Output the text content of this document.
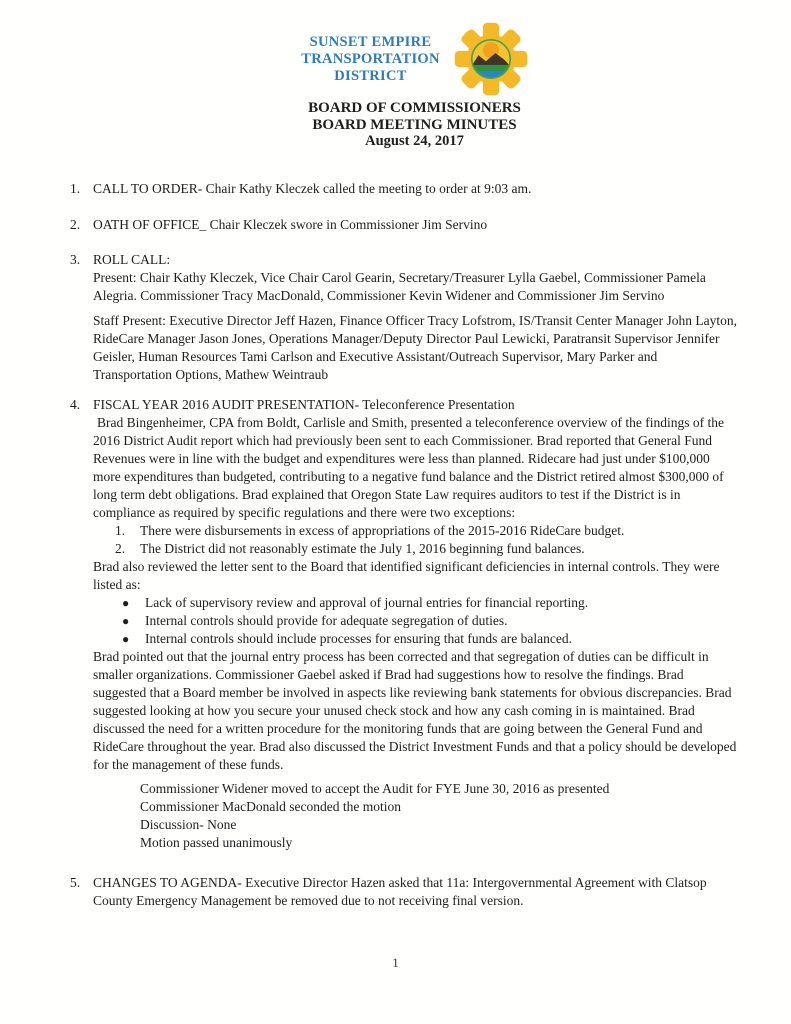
SUNSET EMPIRE
TRANSPORTATION
DISTRICT
BOARD OF COMMISSIONERS
BOARD MEETING MINUTES
August 24, 2017
1. CALL TO ORDER- Chair Kathy Kleczek called the meeting to order at 9:03 am.

2. OATH OF OFFICE_ Chair Kleczek swore in Commissioner Jim Servino

3. ROLL CALL:

Present: Chair Kathy Kleczek, Vice Chair Carol Gearin, Secretary/Treasurer Lylla Gaebel, Commissioner Pamela Alegria. Commissioner Tracy MacDonald, Commissioner Kevin Widener and Commissioner Jim Servino

Staff Present: Executive Director Jeff Hazen, Finance Officer Tracy Lofstrom, IS/Transit Center Manager John Layton, RideCare Manager Jason Jones, Operations Manager/Deputy Director Paul Lewicki, Paratransit Supervisor Jennifer Geisler, Human Resources Tami Carlson and Executive Assistant/Outreach Supervisor, Mary Parker and Transportation Options, Mathew Weintraub

4. FISCAL YEAR 2016 AUDIT PRESENTATION- Teleconference Presentation

Brad Bingenheimer, CPA from Boldt, Carlisle and Smith, presented a teleconference overview of the findings of the 2016 District Audit report which had previously been sent to each Commissioner. Brad reported that General Fund Revenues were in line with the budget and expenditures were less than planned. Ridecare had just under $100,000 more expenditures than budgeted, contributing to a negative fund balance and the District retired almost $300,000 of long term debt obligations. Brad explained that Oregon State Law requires auditors to test if the District is in compliance as required by specific regulations and there were two exceptions:

1.	There were disbursements in excess of appropriations of the 2015-2016 RideCare budget.
2.	The District did not reasonably estimate the July 1, 2016 beginning fund balances.

Brad also reviewed the letter sent to the Board that identified significant deficiencies in internal controls. They were listed as:

●	Lack of supervisory review and approval of journal entries for financial reporting.
●	Internal controls should provide for adequate segregation of duties.
●	Internal controls should include processes for ensuring that funds are balanced.

Brad pointed out that the journal entry process has been corrected and that segregation of duties can be difficult in smaller organizations. Commissioner Gaebel asked if Brad had suggestions how to resolve the findings. Brad suggested that a Board member be involved in aspects like reviewing bank statements for obvious discrepancies. Brad suggested looking at how you secure your unused check stock and how any cash coming in is maintained. Brad discussed the need for a written procedure for the monitoring funds that are going between the General Fund and RideCare throughout the year. Brad also discussed the District Investment Funds and that a policy should be developed for the management of these funds.

Commissioner Widener moved to accept the Audit for FYE June 30, 2016 as presented
Commissioner MacDonald seconded the motion
Discussion- None
Motion passed unanimously
5. CHANGES TO AGENDA- Executive Director Hazen asked that 11a: Intergovernmental Agreement with Clatsop County Emergency Management be removed due to not receiving final version.

1
